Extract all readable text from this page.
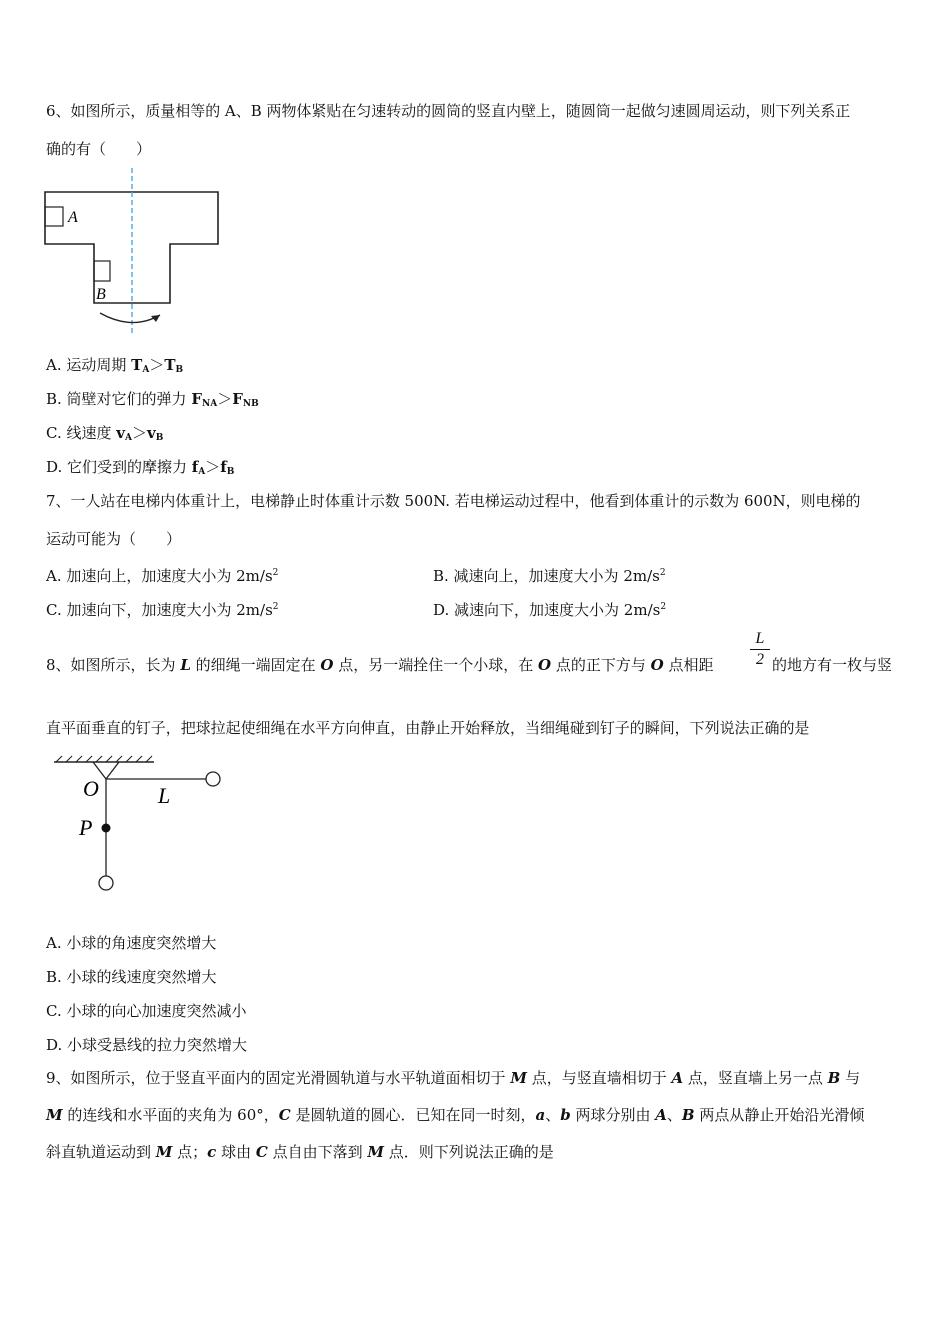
6、如图所示，质量相等的 A、B 两物体紧贴在匀速转动的圆筒的竖直内壁上，随圆筒一起做匀速圆周运动，则下列关系正
确的有（　　）
A
B
A. 运动周期 $T_A>T_B$
B. 筒壁对它们的弹力 $F_{NA}>F_{NB}$
C. 线速度 $v_A>v_B$
D. 它们受到的摩擦力 $f_A>f_B$
7、一人站在电梯内体重计上，电梯静止时体重计示数 500N. 若电梯运动过程中，他看到体重计的示数为 600N，则电梯的
运动可能为（　　）
A. 加速向上，加速度大小为 $2m/s^2$	B. 减速向上，加速度大小为 $2m/s^2$
C. 加速向下，加速度大小为 $2m/s^2$	D. 减速向下，加速度大小为 $2m/s^2$
8、如图所示，长为 L 的细绳一端固定在 O 点，另一端拴住一个小球，在 O 点的正下方与 O 点相距
L
2 的地方有一枚与竖
直平面垂直的钉子，把球拉起使细绳在水平方向伸直，由静止开始释放，当细绳碰到钉子的瞬间，下列说法正确的是
O	L
P
A. 小球的角速度突然增大
B. 小球的线速度突然增大
C. 小球的向心加速度突然减小
D. 小球受悬线的拉力突然增大
9、如图所示，位于竖直平面内的固定光滑圆轨道与水平轨道面相切于 M 点，与竖直墙相切于 A 点，竖直墙上另一点 B 与
M 的连线和水平面的夹角为 60°，C 是圆轨道的圆心．已知在同一时刻，a、b 两球分别由 A、B 两点从静止开始沿光滑倾
斜直轨道运动到 M 点；c 球由 C 点自由下落到 M 点．则下列说法正确的是
